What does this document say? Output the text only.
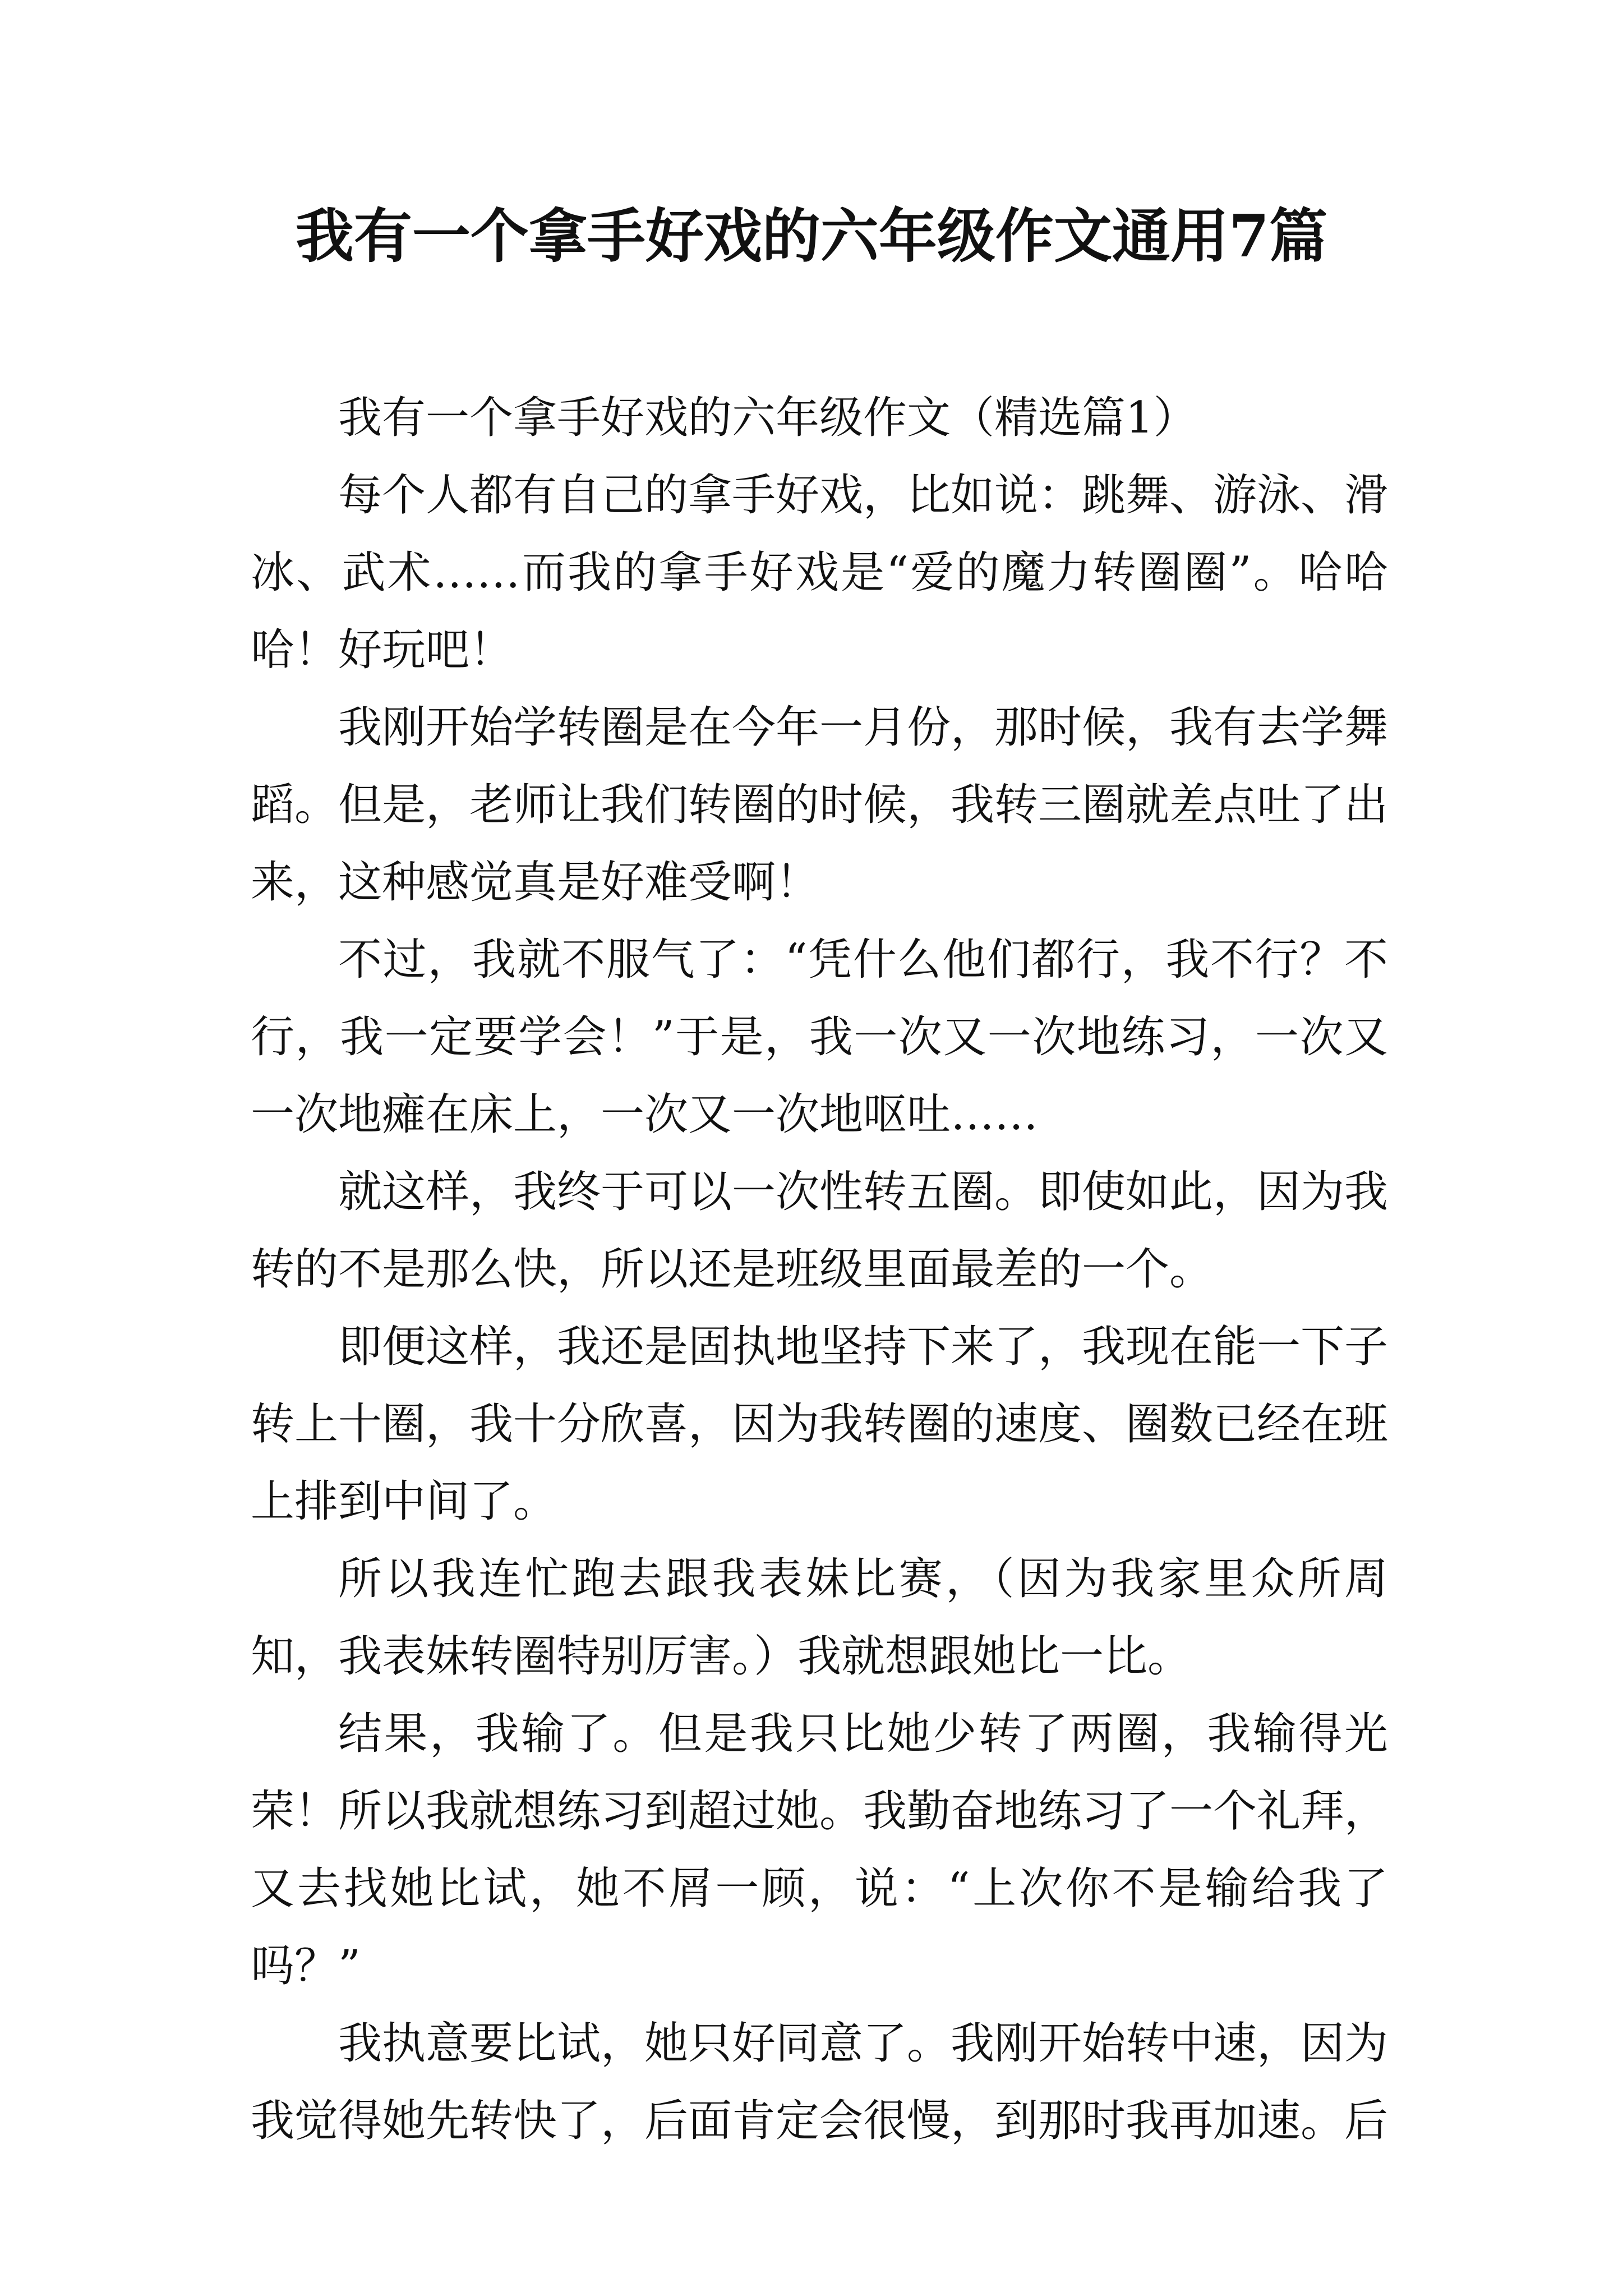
我有一个拿手好戏的六年级作文通用7篇

我有一个拿手好戏的六年级作文（精选篇1）

每个人都有自己的拿手好戏，比如说：跳舞、游泳、滑冰、武术……而我的拿手好戏是“爱的魔力转圈圈”。哈哈哈！好玩吧！

我刚开始学转圈是在今年一月份，那时候，我有去学舞蹈。但是，老师让我们转圈的时候，我转三圈就差点吐了出来，这种感觉真是好难受啊！

不过，我就不服气了：“凭什么他们都行，我不行？不行，我一定要学会！”于是，我一次又一次地练习，一次又一次地瘫在床上，一次又一次地呕吐……

就这样，我终于可以一次性转五圈。即使如此，因为我转的不是那么快，所以还是班级里面最差的一个。

即便这样，我还是固执地坚持下来了，我现在能一下子转上十圈，我十分欣喜，因为我转圈的速度、圈数已经在班上排到中间了。

所以我连忙跑去跟我表妹比赛，（因为我家里众所周知，我表妹转圈特别厉害。）我就想跟她比一比。

结果，我输了。但是我只比她少转了两圈，我输得光荣！所以我就想练习到超过她。我勤奋地练习了一个礼拜，又去找她比试，她不屑一顾，说：“上次你不是输给我了吗？”

我执意要比试，她只好同意了。我刚开始转中速，因为我觉得她先转快了，后面肯定会很慢，到那时我再加速。后
